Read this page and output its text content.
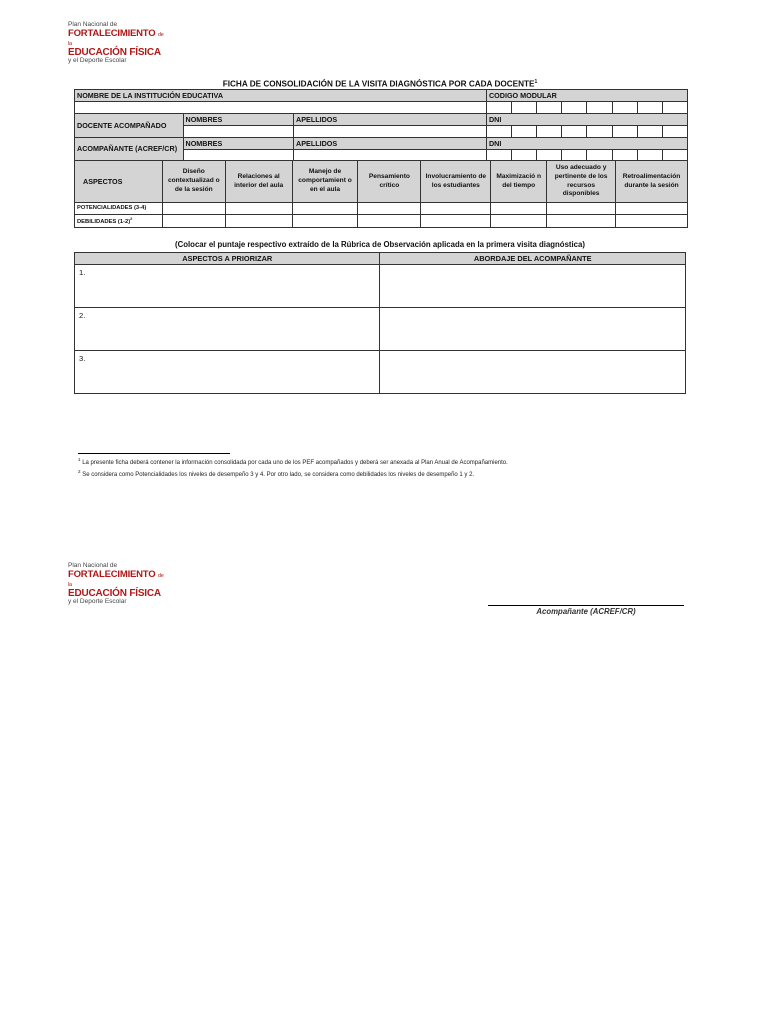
Plan Nacional de
FORTALECIMIENTO de la
EDUCACIÓN FÍSICA
y el Deporte Escolar
FICHA DE CONSOLIDACIÓN DE LA VISITA DIAGNÓSTICA POR CADA DOCENTE$^1$
NOMBRE DE LA INSTITUCIÓN EDUCATIVA			CODIGO MODULAR							

DOCENTE ACOMPAÑADO	NOMBRES	APELLIDOS	DNI							

ACOMPAÑANTE (ACREF/CR)	NOMBRES	APELLIDOS	DNI							

ASPECTOS	Diseño contextualizad o de la sesión	Relaciones al interior del aula	Manejo de comportamient o en el aula	Pensamiento crítico	Involucramiento de los estudiantes	Maximizació n del tiempo	Uso adecuado y pertinente de los recursos disponibles	Retroalimentación durante la sesión
POTENCIALIDADES (3-4)								
DEBILIDADES $(1-2)^2$								
(Colocar el puntaje respectivo extraído de la Rúbrica de Observación aplicada en la primera visita diagnóstica)
ASPECTOS A PRIORIZAR	ABORDAJE DEL ACOMPAÑANTE
1.	
2.	
3.	
$^1$ La presente ficha deberá contener la información consolidada por cada uno de los PEF acompañados y deberá ser anexada al Plan Anual de Acompañamiento.
$^2$ Se considera como Potencialidades los niveles de desempeño 3 y 4. Por otro lado, se considera como debilidades los niveles de desempeño 1 y 2.
Plan Nacional de
FORTALECIMIENTO de la
EDUCACIÓN FÍSICA
y el Deporte Escolar
Acompañante (ACREF/CR)
